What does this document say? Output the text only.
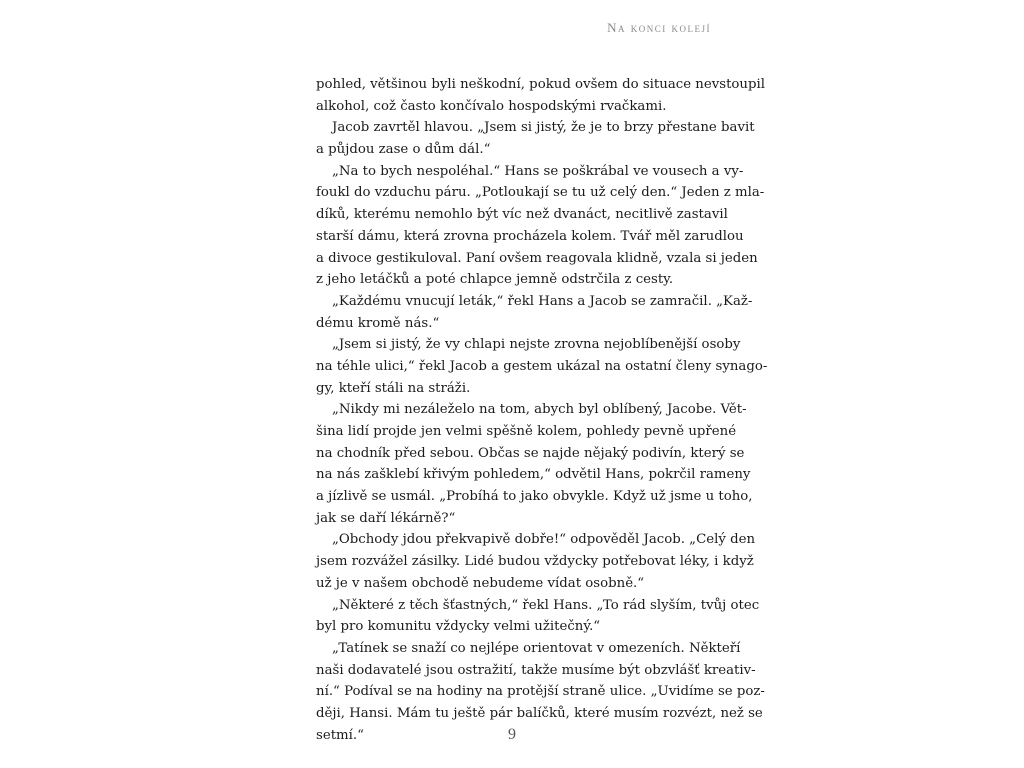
Na konci kolejí
pohled, většinou byli neškodní, pokud ovšem do situace nevstoupil
alkohol, což často končívalo hospodskými rvačkami.
Jacob zavrtěl hlavou. „Jsem si jistý, že je to brzy přestane bavit
a půjdou zase o dům dál.“
„Na to bych nespoléhal.“ Hans se poškrábal ve vousech a vy-
foukl do vzduchu páru. „Potloukají se tu už celý den.“ Jeden z mla-
díků, kterému nemohlo být víc než dvanáct, necitlivě zastavil
starší dámu, která zrovna procházela kolem. Tvář měl zarudlou
a divoce gestikuloval. Paní ovšem reagovala klidně, vzala si jeden
z jeho letáčků a poté chlapce jemně odstrčila z cesty.
„Každému vnucují leták,“ řekl Hans a Jacob se zamračil. „Kaž-
dému kromě nás.“
„Jsem si jistý, že vy chlapi nejste zrovna nejoblíbenější osoby
na téhle ulici,“ řekl Jacob a gestem ukázal na ostatní členy synago-
gy, kteří stáli na stráži.
„Nikdy mi nezáleželo na tom, abych byl oblíbený, Jacobe. Vět-
šina lidí projde jen velmi spěšně kolem, pohledy pevně upřené
na chodník před sebou. Občas se najde nějaký podivín, který se
na nás zašklebí křivým pohledem,“ odvětil Hans, pokrčil rameny
a jízlivě se usmál. „Probíhá to jako obvykle. Když už jsme u toho,
jak se daří lékárně?“
„Obchody jdou překvapivě dobře!“ odpověděl Jacob. „Celý den
jsem rozvážel zásilky. Lidé budou vždycky potřebovat léky, i když
už je v našem obchodě nebudeme vídat osobně.“
„Některé z těch šťastných,“ řekl Hans. „To rád slyším, tvůj otec
byl pro komunitu vždycky velmi užitečný.“
„Tatínek se snaží co nejlépe orientovat v omezeních. Někteří
naši dodavatelé jsou ostražití, takže musíme být obzvlášť kreativ-
ní.“ Podíval se na hodiny na protější straně ulice. „Uvidíme se poz-
ději, Hansi. Mám tu ještě pár balíčků, které musím rozvézt, než se
setmí.“	9
